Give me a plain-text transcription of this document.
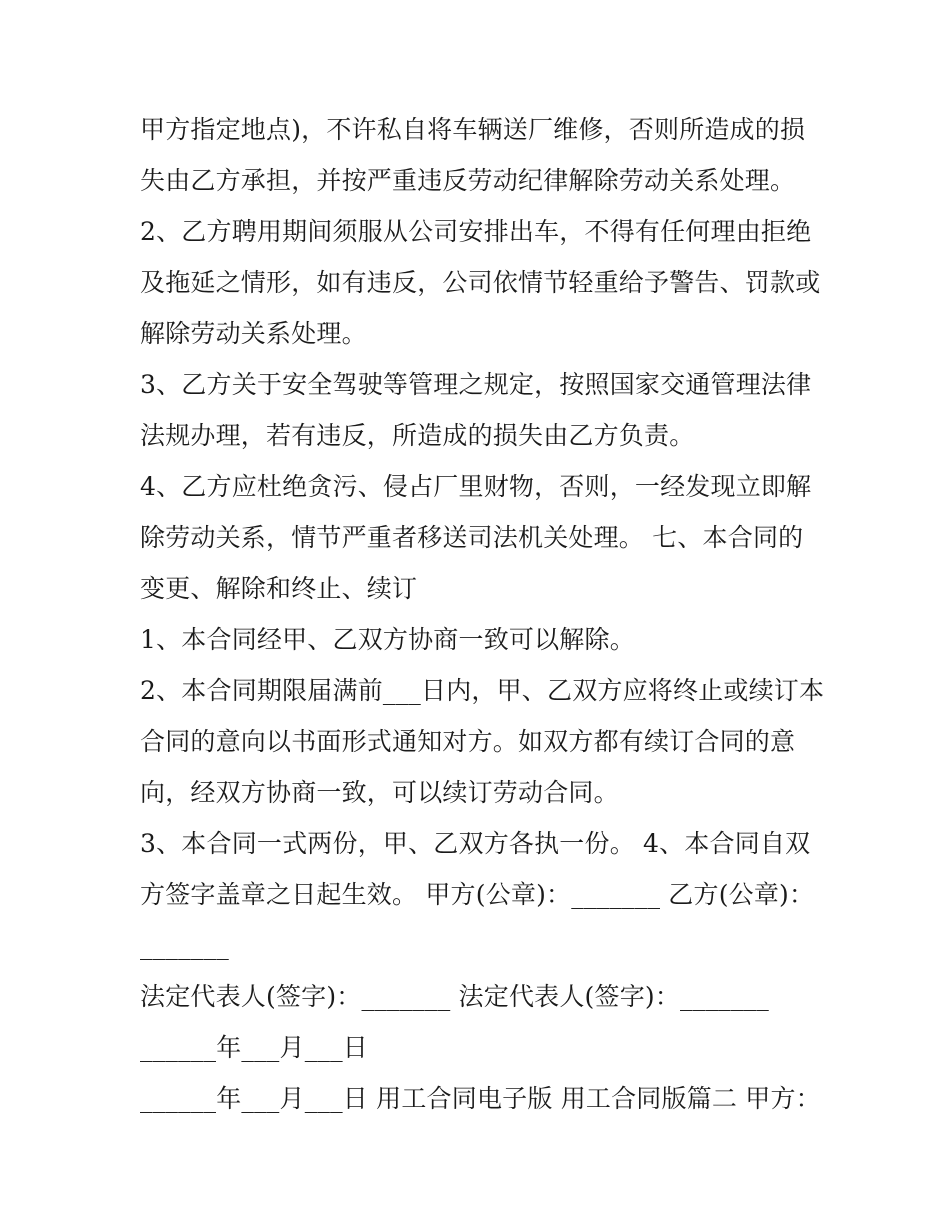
甲方指定地点)，不许私自将车辆送厂维修，否则所造成的损
失由乙方承担，并按严重违反劳动纪律解除劳动关系处理。
2、乙方聘用期间须服从公司安排出车，不得有任何理由拒绝
及拖延之情形，如有违反，公司依情节轻重给予警告、罚款或
解除劳动关系处理。
3、乙方关于安全驾驶等管理之规定，按照国家交通管理法律
法规办理，若有违反，所造成的损失由乙方负责。
4、乙方应杜绝贪污、侵占厂里财物，否则，一经发现立即解
除劳动关系，情节严重者移送司法机关处理。 七、本合同的
变更、解除和终止、续订
1、本合同经甲、乙双方协商一致可以解除。
2、本合同期限届满前___日内，甲、乙双方应将终止或续订本
合同的意向以书面形式通知对方。如双方都有续订合同的意
向，经双方协商一致，可以续订劳动合同。
3、本合同一式两份，甲、乙双方各执一份。 4、本合同自双
方签字盖章之日起生效。 甲方(公章)：_______ 乙方(公章)：
_______
法定代表人(签字)：_______ 法定代表人(签字)：_______
______年___月___日
______年___月___日 用工合同电子版 用工合同版篇二 甲方：
